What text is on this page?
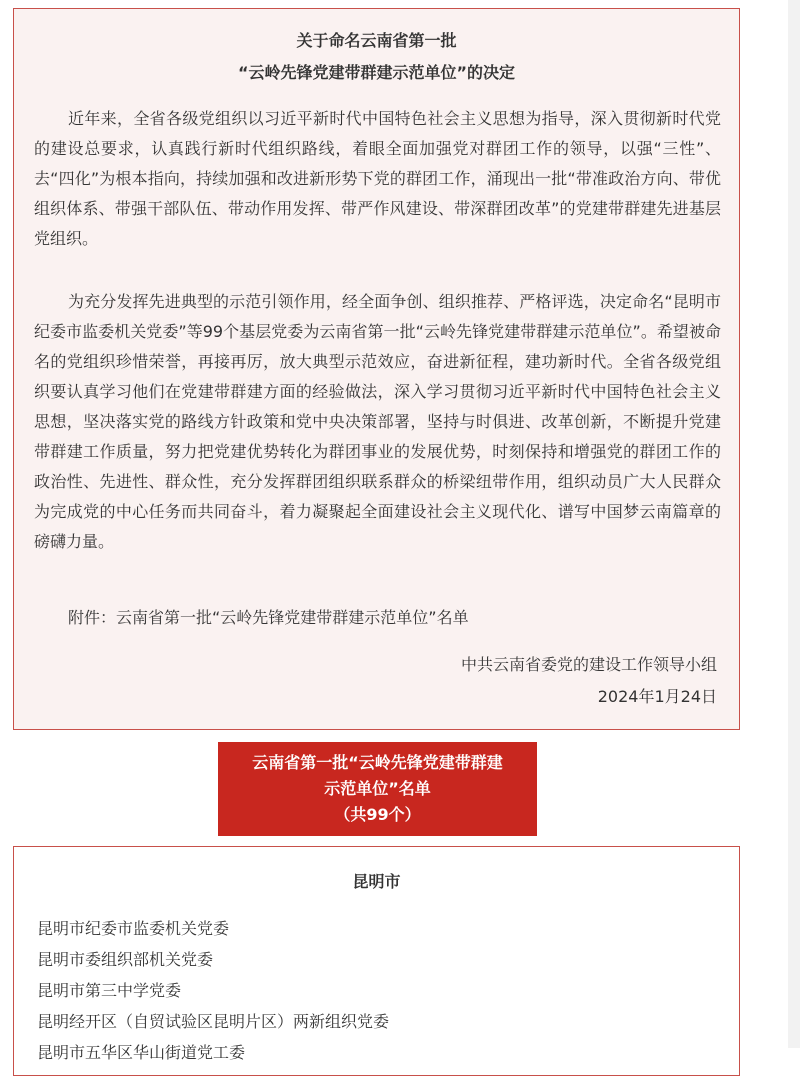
关于命名云南省第一批
“云岭先锋党建带群建示范单位”的决定

近年来，全省各级党组织以习近平新时代中国特色社会主义思想为指导，深入贯彻新时代党的建设总要求，认真践行新时代组织路线，着眼全面加强党对群团工作的领导，以强“三性”、去“四化”为根本指向，持续加强和改进新形势下党的群团工作，涌现出一批“带准政治方向、带优组织体系、带强干部队伍、带动作用发挥、带严作风建设、带深群团改革”的党建带群建先进基层党组织。

为充分发挥先进典型的示范引领作用，经全面争创、组织推荐、严格评选，决定命名“昆明市纪委市监委机关党委”等99个基层党委为云南省第一批“云岭先锋党建带群建示范单位”。希望被命名的党组织珍惜荣誉，再接再厉，放大典型示范效应，奋进新征程，建功新时代。全省各级党组织要认真学习他们在党建带群建方面的经验做法，深入学习贯彻习近平新时代中国特色社会主义思想，坚决落实党的路线方针政策和党中央决策部署，坚持与时俱进、改革创新，不断提升党建带群建工作质量，努力把党建优势转化为群团事业的发展优势，时刻保持和增强党的群团工作的政治性、先进性、群众性，充分发挥群团组织联系群众的桥梁纽带作用，组织动员广大人民群众为完成党的中心任务而共同奋斗，着力凝聚起全面建设社会主义现代化、谱写中国梦云南篇章的磅礴力量。

附件：云南省第一批“云岭先锋党建带群建示范单位”名单
中共云南省委党的建设工作领导小组
2024年1月24日
云南省第一批“云岭先锋党建带群建
示范单位”名单
（共99个）
昆明市
昆明市纪委市监委机关党委
昆明市委组织部机关党委
昆明市第三中学党委
昆明经开区（自贸试验区昆明片区）两新组织党委
昆明市五华区华山街道党工委
